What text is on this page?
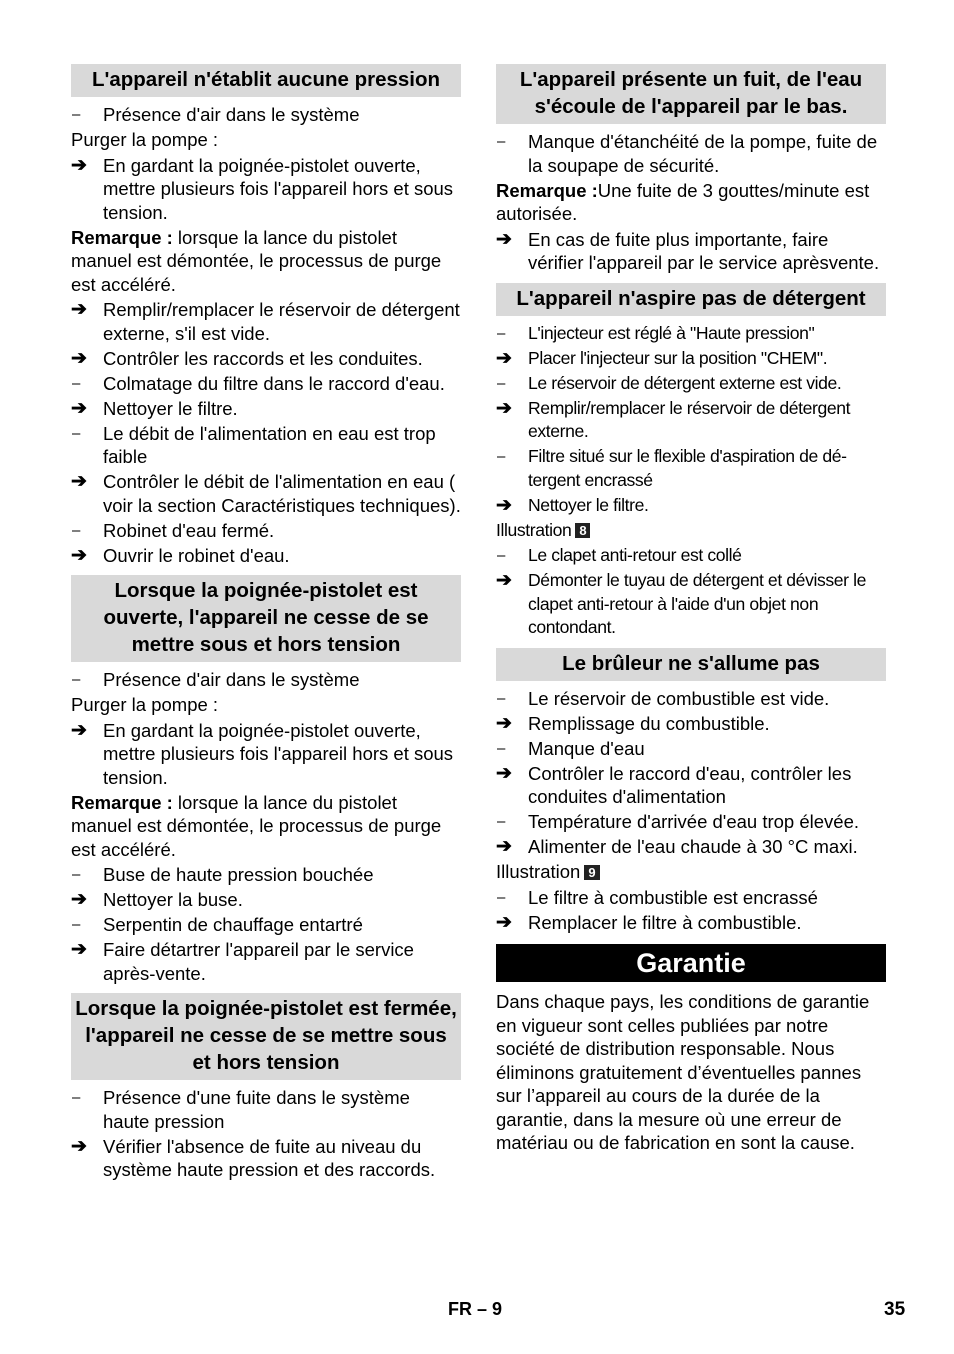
L'appareil n'établit aucune pression
–	Présence d'air dans le système
Purger la pompe :
➔ En gardant la poignée-pistolet ouverte, mettre plusieurs fois l'appareil hors et sous tension.
Remarque : lorsque la lance du pistolet manuel est démontée, le processus de purge est accéléré.
➔ Remplir/remplacer le réservoir de détergent externe, s'il est vide.
➔ Contrôler les raccords et les conduites.
–	Colmatage du filtre dans le raccord d'eau.
➔ Nettoyer le filtre.
–	Le débit de l'alimentation en eau est trop faible
➔ Contrôler le débit de l'alimentation en eau ( voir la section Caractéristiques techniques).
–	Robinet d'eau fermé.
➔ Ouvrir le robinet d'eau.
Lorsque la poignée-pistolet est ouverte, l'appareil ne cesse de se mettre sous et hors tension
–	Présence d'air dans le système
Purger la pompe :
➔ En gardant la poignée-pistolet ouverte, mettre plusieurs fois l'appareil hors et sous tension.
Remarque : lorsque la lance du pistolet manuel est démontée, le processus de purge est accéléré.
–	Buse de haute pression bouchée
➔ Nettoyer la buse.
–	Serpentin de chauffage entartré
➔ Faire détartrer l'appareil par le service après-vente.
Lorsque la poignée-pistolet est fermée, l'appareil ne cesse de se mettre sous et hors tension
–	Présence d'une fuite dans le système haute pression
➔ Vérifier l'absence de fuite au niveau du système haute pression et des raccords.
L'appareil présente un fuit, de l'eau s'écoule de l'appareil par le bas.
–	Manque d'étanchéité de la pompe, fuite de la soupape de sécurité.
Remarque :Une fuite de 3 gouttes/minute est autorisée.
➔ En cas de fuite plus importante, faire vérifier l'appareil par le service aprèsvente.
L'appareil n'aspire pas de détergent
–	L'injecteur est réglé à "Haute pression"
➔ Placer l'injecteur sur la position "CHEM".
–	Le réservoir de détergent externe est vide.
➔ Remplir/remplacer le réservoir de détergent externe.
–	Filtre situé sur le flexible d'aspiration de détergent encrassé
➔ Nettoyer le filtre.
Illustration 8
–	Le clapet anti-retour est collé
➔ Démonter le tuyau de détergent et dévisser le clapet anti-retour à l'aide d'un objet non contondant.
Le brûleur ne s'allume pas
–	Le réservoir de combustible est vide.
➔ Remplissage du combustible.
–	Manque d'eau
➔ Contrôler le raccord d'eau, contrôler les conduites d'alimentation
–	Température d'arrivée d'eau trop élevée.
➔ Alimenter de l'eau chaude à 30 °C maxi.
Illustration 9
–	Le filtre à combustible est encrassé
➔ Remplacer le filtre à combustible.
Garantie
Dans chaque pays, les conditions de garantie en vigueur sont celles publiées par notre société de distribution responsable. Nous éliminons gratuitement d’éventuelles pannes sur l’appareil au cours de la durée de la garantie, dans la mesure où une erreur de matériau ou de fabrication en sont la cause.
FR – 9	35
